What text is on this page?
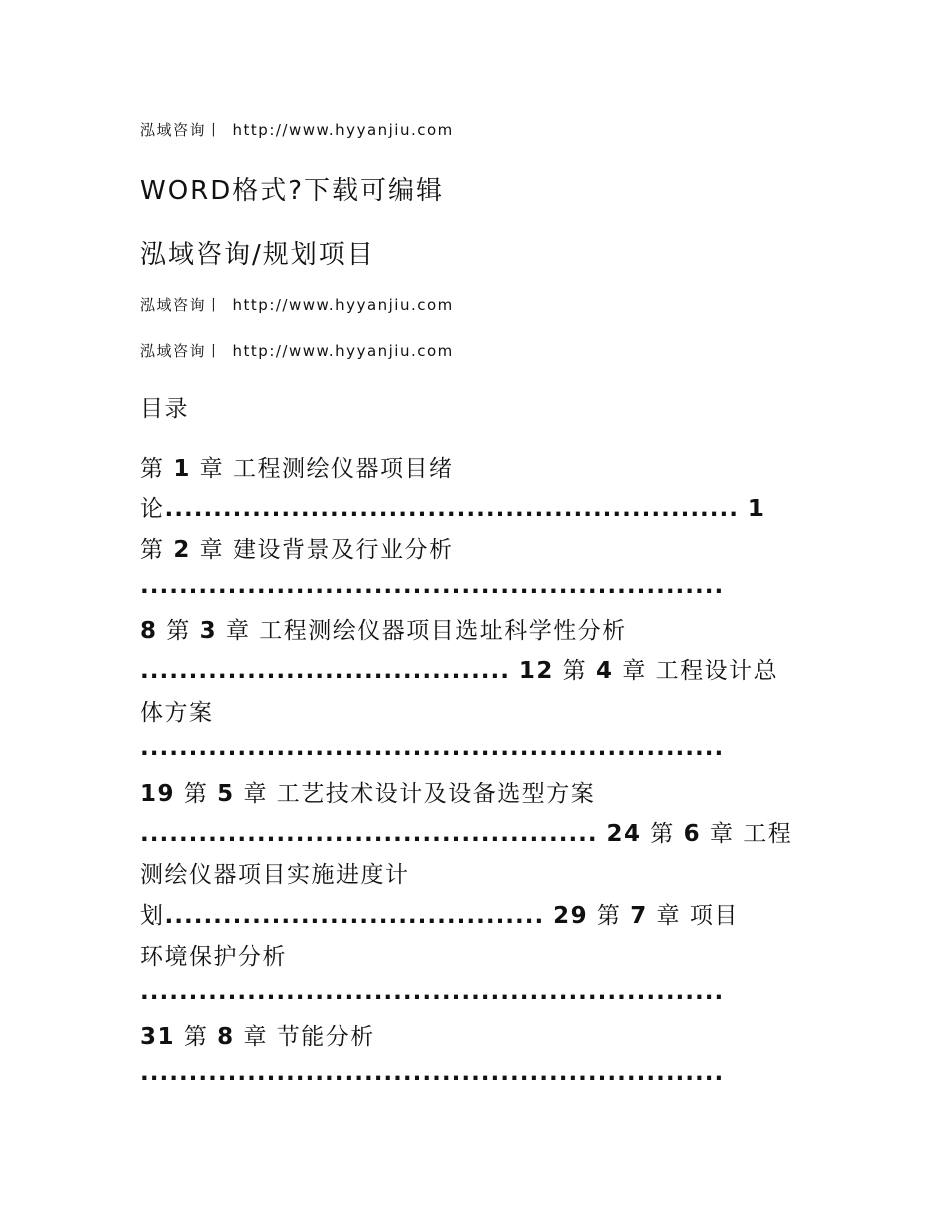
泓域咨询丨 http://www.hyyanjiu.com
WORD格式?下载可编辑
泓域咨询/规划项目
泓域咨询丨 http://www.hyyanjiu.com
泓域咨询丨 http://www.hyyanjiu.com
目录
第 1 章 工程测绘仪器项目绪
论........................................................... 1
第 2 章 建设背景及行业分析
............................................................
8 第 3 章 工程测绘仪器项目选址科学性分析
...................................... 12 第 4 章 工程设计总
体方案
............................................................
19 第 5 章 工艺技术设计及设备选型方案
............................................... 24 第 6 章 工程
测绘仪器项目实施进度计
划....................................... 29 第 7 章 项目
环境保护分析
............................................................
31 第 8 章 节能分析
............................................................
